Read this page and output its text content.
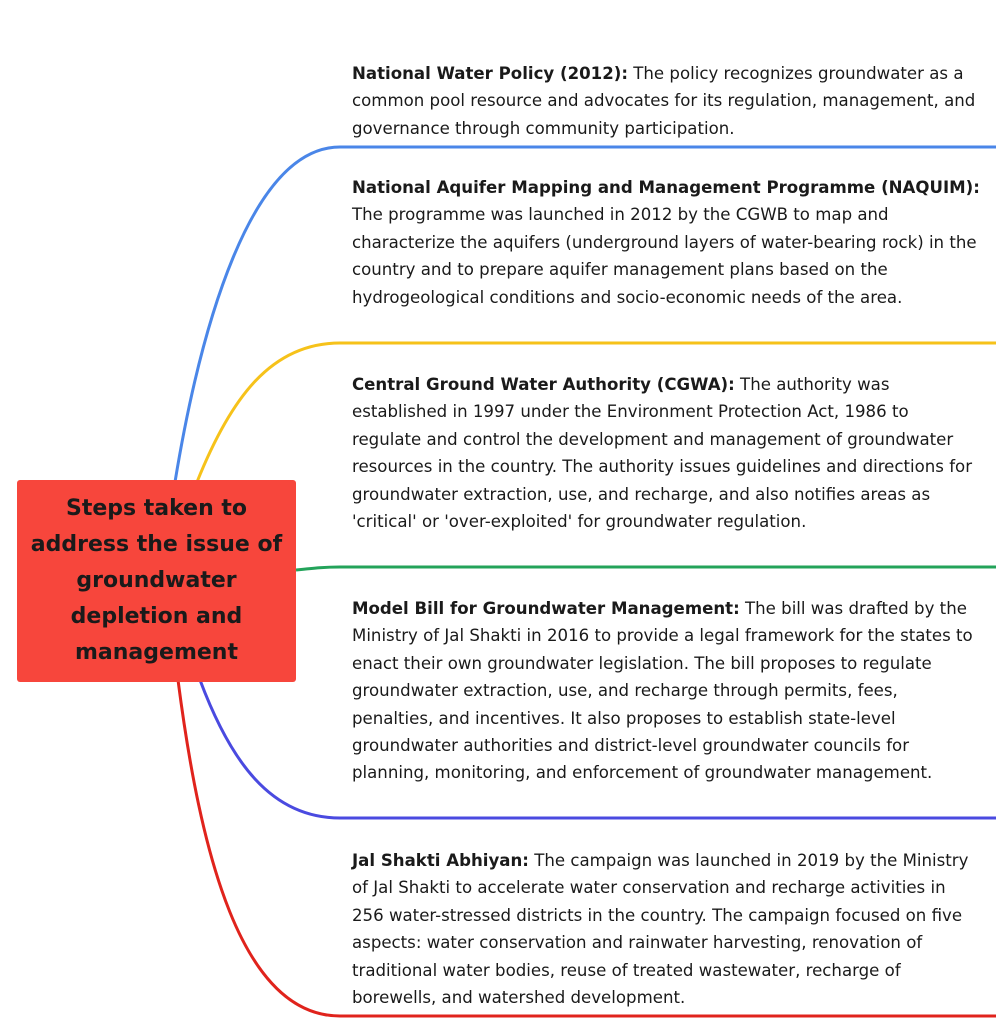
Steps taken to address the issue of groundwater depletion and management
National Water Policy (2012): The policy recognizes groundwater as a common pool resource and advocates for its regulation, management, and governance through community participation.
National Aquifer Mapping and Management Programme (NAQUIM): The programme was launched in 2012 by the CGWB to map and characterize the aquifers (underground layers of water-bearing rock) in the country and to prepare aquifer management plans based on the hydrogeological conditions and socio-economic needs of the area.
Central Ground Water Authority (CGWA): The authority was established in 1997 under the Environment Protection Act, 1986 to regulate and control the development and management of groundwater resources in the country. The authority issues guidelines and directions for groundwater extraction, use, and recharge, and also notifies areas as 'critical' or 'over-exploited' for groundwater regulation.
Model Bill for Groundwater Management: The bill was drafted by the Ministry of Jal Shakti in 2016 to provide a legal framework for the states to enact their own groundwater legislation. The bill proposes to regulate groundwater extraction, use, and recharge through permits, fees, penalties, and incentives. It also proposes to establish state-level groundwater authorities and district-level groundwater councils for planning, monitoring, and enforcement of groundwater management.
Jal Shakti Abhiyan: The campaign was launched in 2019 by the Ministry of Jal Shakti to accelerate water conservation and recharge activities in 256 water-stressed districts in the country. The campaign focused on five aspects: water conservation and rainwater harvesting, renovation of traditional water bodies, reuse of treated wastewater, recharge of borewells, and watershed development.
